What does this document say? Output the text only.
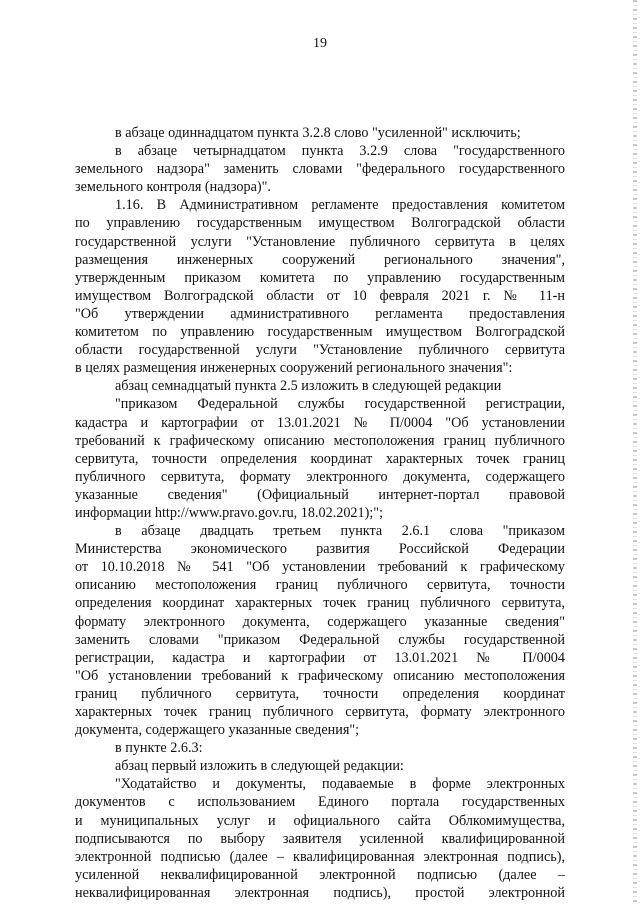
19
в абзаце одиннадцатом пункта 3.2.8 слово "усиленной" исключить;
в абзаце четырнадцатом пункта 3.2.9 слова "государственного
земельного надзора" заменить словами "федерального государственного
земельного контроля (надзора)".
1.16. В Административном регламенте предоставления комитетом
по управлению государственным имуществом Волгоградской области
государственной услуги "Установление публичного сервитута в целях
размещения инженерных сооружений регионального значения",
утвержденным приказом комитета по управлению государственным
имуществом Волгоградской области от 10 февраля 2021 г. № 11-н
"Об утверждении административного регламента предоставления
комитетом по управлению государственным имуществом Волгоградской
области государственной услуги "Установление публичного сервитута
в целях размещения инженерных сооружений регионального значения":
абзац семнадцатый пункта 2.5 изложить в следующей редакции
"приказом Федеральной службы государственной регистрации,
кадастра и картографии от 13.01.2021 № П/0004 "Об установлении
требований к графическому описанию местоположения границ публичного
сервитута, точности определения координат характерных точек границ
публичного сервитута, формату электронного документа, содержащего
указанные сведения" (Официальный интернет-портал правовой
информации http://www.pravo.gov.ru, 18.02.2021);";
в абзаце двадцать третьем пункта 2.6.1 слова "приказом
Министерства экономического развития Российской Федерации
от 10.10.2018 № 541 "Об установлении требований к графическому
описанию местоположения границ публичного сервитута, точности
определения координат характерных точек границ публичного сервитута,
формату электронного документа, содержащего указанные сведения"
заменить словами "приказом Федеральной службы государственной
регистрации, кадастра и картографии от 13.01.2021 № П/0004
"Об установлении требований к графическому описанию местоположения
границ публичного сервитута, точности определения координат
характерных точек границ публичного сервитута, формату электронного
документа, содержащего указанные сведения";
в пункте 2.6.3:
абзац первый изложить в следующей редакции:
"Ходатайство и документы, подаваемые в форме электронных
документов с использованием Единого портала государственных
и муниципальных услуг и официального сайта Облкомимущества,
подписываются по выбору заявителя усиленной квалифицированной
электронной подписью (далее – квалифицированная электронная подпись),
усиленной неквалифицированной электронной подписью (далее –
неквалифицированная электронная подпись), простой электронной
